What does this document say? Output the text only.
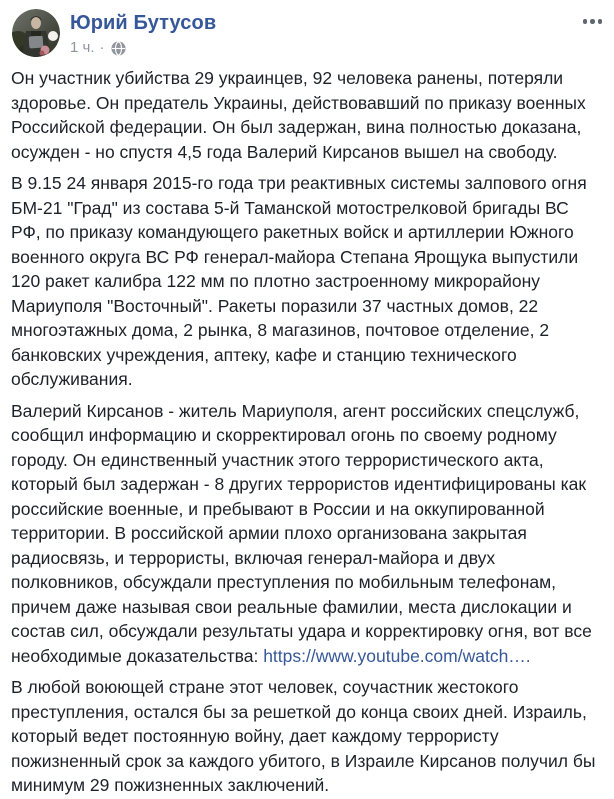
Юрий Бутусов
1 ч. ·

Он участник убийства 29 украинцев, 92 человека ранены, потеряли здоровье. Он предатель Украины, действовавший по приказу военных Российской федерации. Он был задержан, вина полностью доказана, осужден - но спустя 4,5 года Валерий Кирсанов вышел на свободу.

В 9.15 24 января 2015-го года три реактивных системы залпового огня БМ-21 "Град" из состава 5-й Таманской мотострелковой бригады ВС РФ, по приказу командующего ракетных войск и артиллерии Южного военного округа ВС РФ генерал-майора Степана Ярощука выпустили 120 ракет калибра 122 мм по плотно застроенному микрорайону Мариуполя "Восточный". Ракеты поразили 37 частных домов, 22 многоэтажных дома, 2 рынка, 8 магазинов, почтовое отделение, 2 банковских учреждения, аптеку, кафе и станцию технического обслуживания.

Валерий Кирсанов - житель Мариуполя, агент российских спецслужб, сообщил информацию и скорректировал огонь по своему родному городу. Он единственный участник этого террористического акта, который был задержан - 8 других террористов идентифицированы как российские военные, и пребывают в России и на оккупированной территории. В российской армии плохо организована закрытая радиосвязь, и террористы, включая генерал-майора и двух полковников, обсуждали преступления по мобильным телефонам, причем даже называя свои реальные фамилии, места дислокации и состав сил, обсуждали результаты удара и корректировку огня, вот все необходимые доказательства: https://www.youtube.com/watch….

В любой воюющей стране этот человек, соучастник жестокого преступления, остался бы за решеткой до конца своих дней. Израиль, который ведет постоянную войну, дает каждому террористу пожизненный срок за каждого убитого, в Израиле Кирсанов получил бы минимум 29 пожизненных заключений.
